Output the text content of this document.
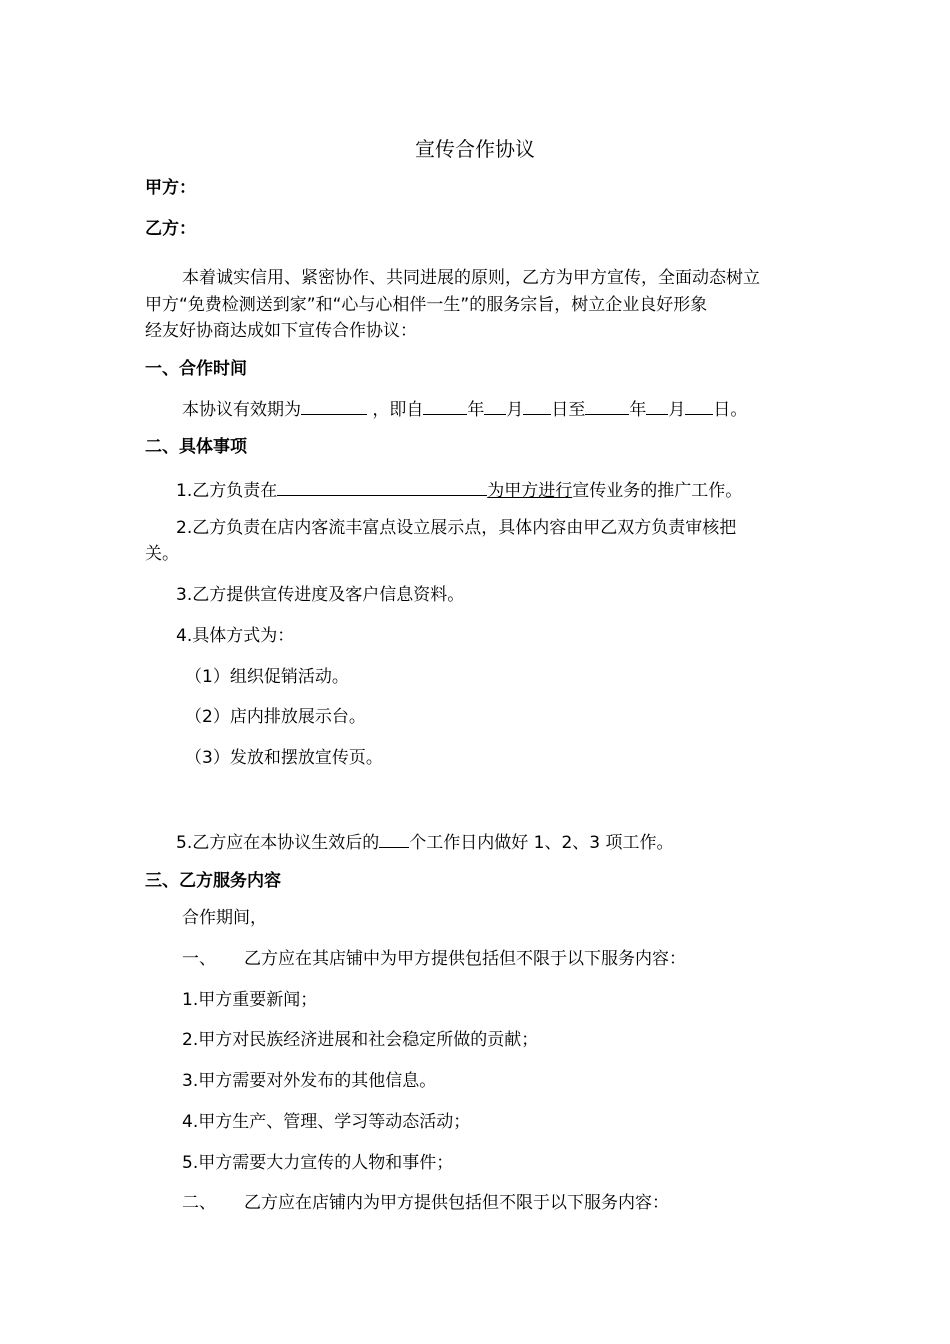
宣传合作协议
甲方：
乙方：
本着诚实信用、紧密协作、共同进展的原则，乙方为甲方宣传，全面动态树立
甲方“免费检测送到家”和“心与心相伴一生”的服务宗旨，树立企业良好形象
经友好协商达成如下宣传合作协议：
一、合作时间
本协议有效期为	，即自	年 月 日至	年 月 日。
二、具体事项
1.乙方负责在	为甲方进行宣传业务的推广工作。
2.乙方负责在店内客流丰富点设立展示点，具体内容由甲乙双方负责审核把
关。
3.乙方提供宣传进度及客户信息资料。
4.具体方式为：
（1）组织促销活动。
（2）店内排放展示台。
（3）发放和摆放宣传页。
5.乙方应在本协议生效后的 个工作日内做好 1、2、3 项工作。
三、乙方服务内容
合作期间，
一、 乙方应在其店铺中为甲方提供包括但不限于以下服务内容：
1.甲方重要新闻；
2.甲方对民族经济进展和社会稳定所做的贡献；
3.甲方需要对外发布的其他信息。
4.甲方生产、管理、学习等动态活动；
5.甲方需要大力宣传的人物和事件；
二、 乙方应在店铺内为甲方提供包括但不限于以下服务内容：
